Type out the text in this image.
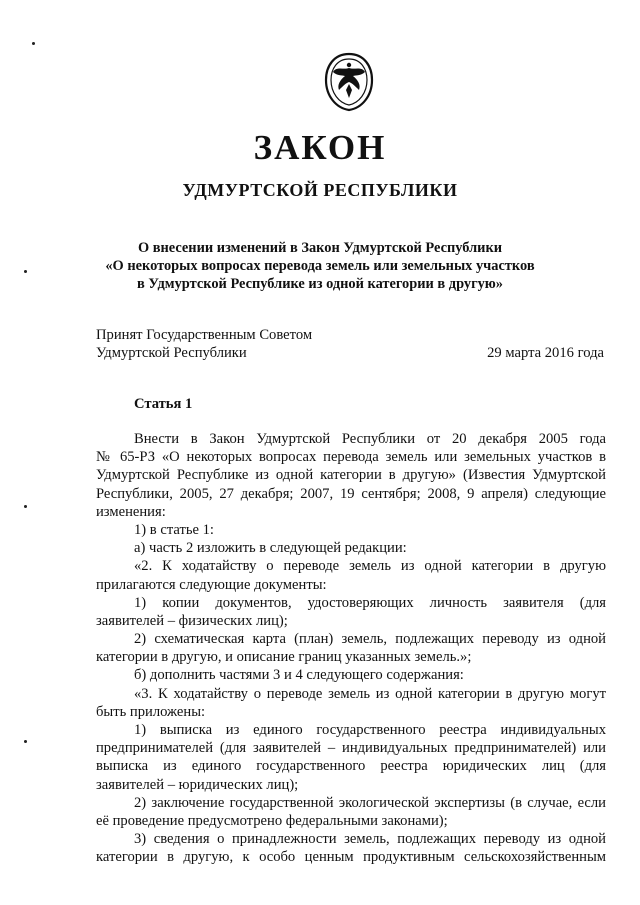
ЗАКОН
УДМУРТСКОЙ РЕСПУБЛИКИ
О внесении изменений в Закон Удмуртской Республики
«О некоторых вопросах перевода земель или земельных участков
в Удмуртской Республике из одной категории в другую»
Принят Государственным Советом
Удмуртской Республики	29 марта 2016 года
Статья 1
Внести в Закон Удмуртской Республики от 20 декабря 2005 года
№ 65-РЗ «О некоторых вопросах перевода земель или земельных участков в
Удмуртской Республике из одной категории в другую» (Известия Удмуртской
Республики, 2005, 27 декабря; 2007, 19 сентября; 2008, 9 апреля) следующие
изменения:
1) в статье 1:
а) часть 2 изложить в следующей редакции:
«2. К ходатайству о переводе земель из одной категории в другую
прилагаются следующие документы:
1) копии документов, удостоверяющих личность заявителя (для
заявителей – физических лиц);
2) схематическая карта (план) земель, подлежащих переводу из одной
категории в другую, и описание границ указанных земель.»;
б) дополнить частями 3 и 4 следующего содержания:
«3. К ходатайству о переводе земель из одной категории в другую могут
быть приложены:
1) выписка из единого государственного реестра индивидуальных
предпринимателей (для заявителей – индивидуальных предпринимателей) или
выписка из единого государственного реестра юридических лиц (для
заявителей – юридических лиц);
2) заключение государственной экологической экспертизы (в случае, если
её проведение предусмотрено федеральными законами);
3) сведения о принадлежности земель, подлежащих переводу из одной
категории в другую, к особо ценным продуктивным сельскохозяйственным
